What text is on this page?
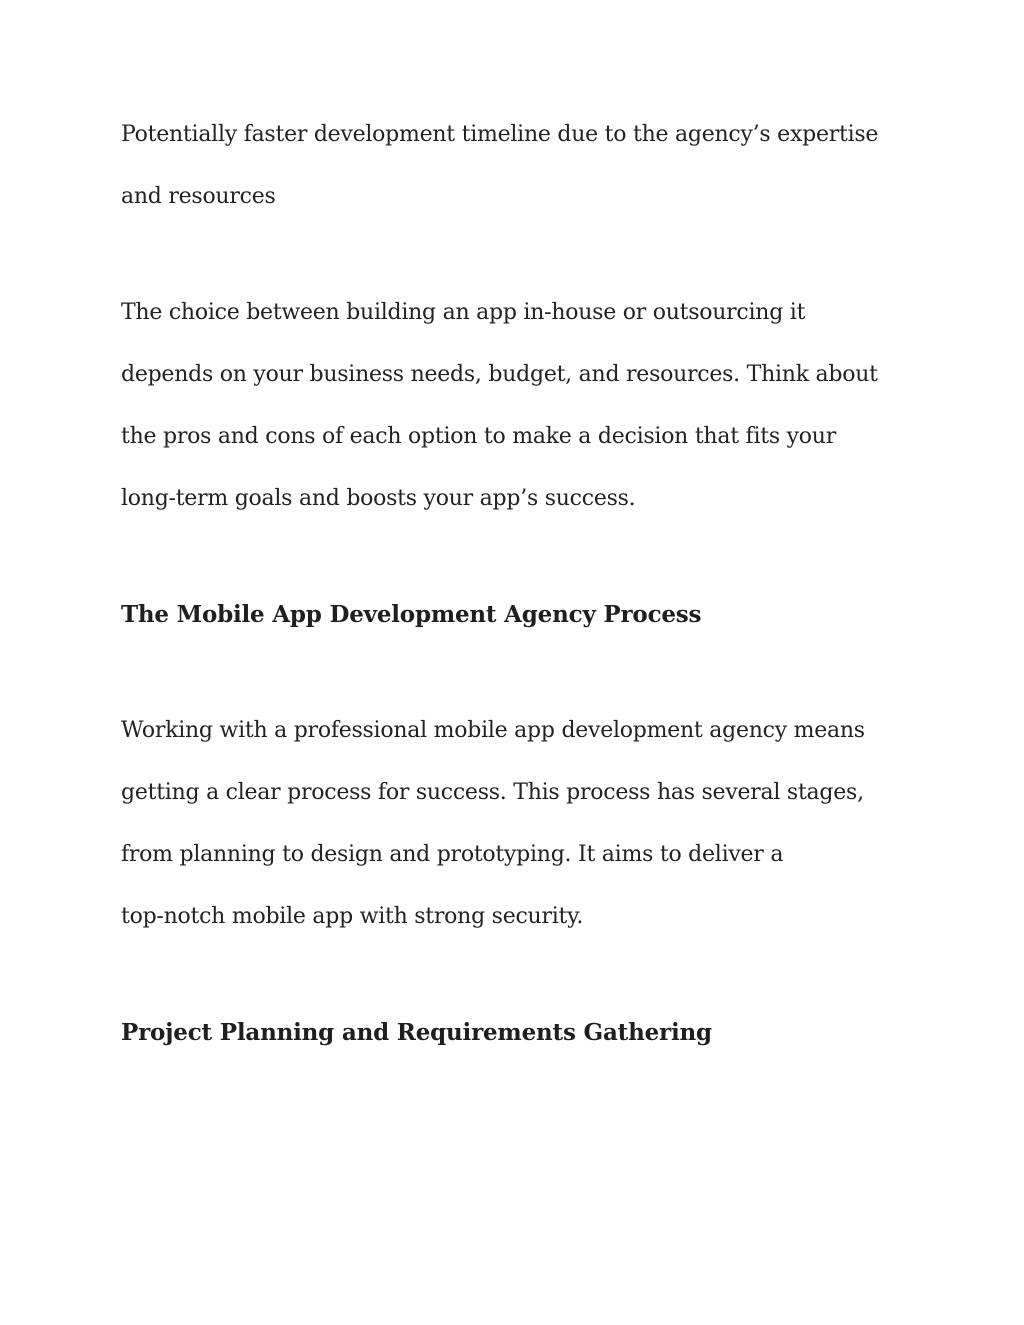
Potentially faster development timeline due to the agency’s expertise
and resources
The choice between building an app in-house or outsourcing it
depends on your business needs, budget, and resources. Think about
the pros and cons of each option to make a decision that fits your
long-term goals and boosts your app’s success.
The Mobile App Development Agency Process
Working with a professional mobile app development agency means
getting a clear process for success. This process has several stages,
from planning to design and prototyping. It aims to deliver a
top-notch mobile app with strong security.
Project Planning and Requirements Gathering
